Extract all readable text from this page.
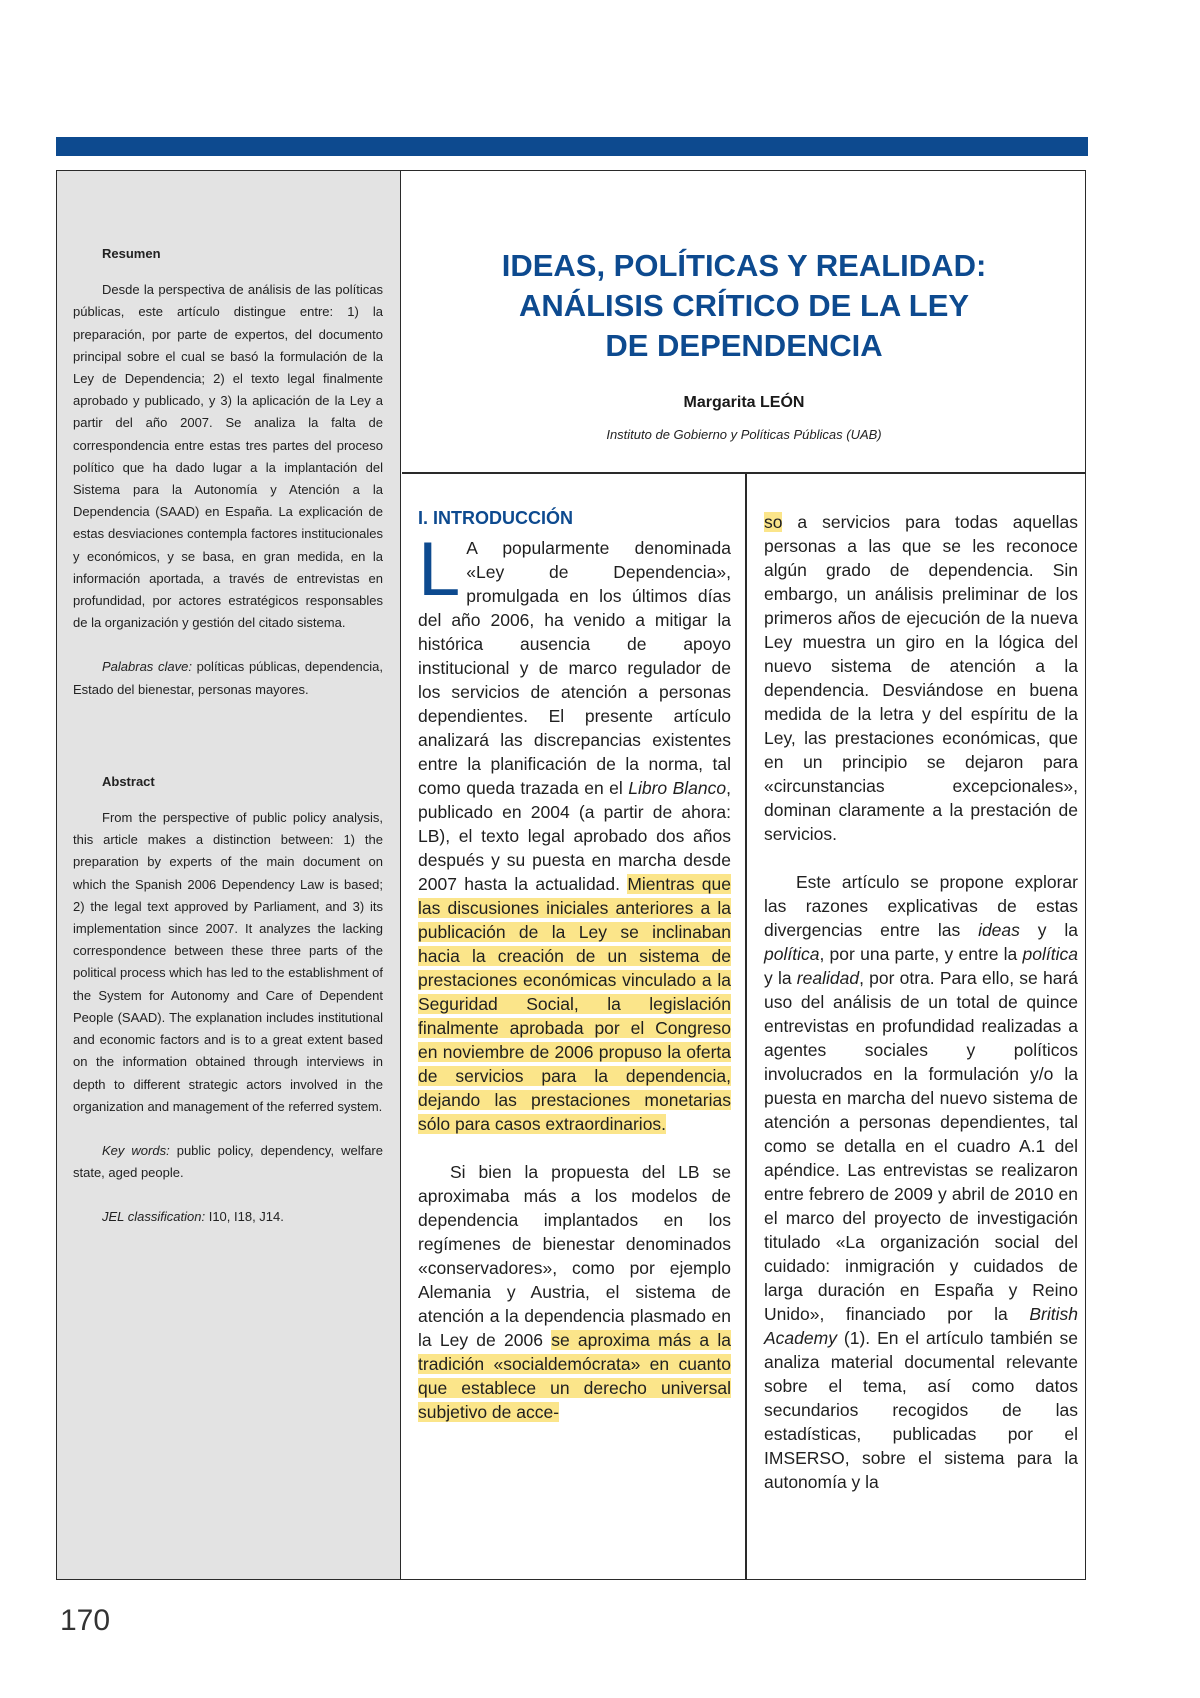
Resumen

Desde la perspectiva de análisis de las políticas públicas, este artículo distingue entre: 1) la preparación, por parte de expertos, del documento principal sobre el cual se basó la formulación de la Ley de Dependencia; 2) el texto legal finalmente aprobado y publicado, y 3) la aplicación de la Ley a partir del año 2007. Se analiza la falta de correspondencia entre estas tres partes del proceso político que ha dado lugar a la implantación del Sistema para la Autonomía y Atención a la Dependencia (SAAD) en España. La explicación de estas desviaciones contempla factores institucionales y económicos, y se basa, en gran medida, en la información aportada, a través de entrevistas en profundidad, por actores estratégicos responsables de la organización y gestión del citado sistema.

Palabras clave: políticas públicas, dependencia, Estado del bienestar, personas mayores.

Abstract

From the perspective of public policy analysis, this article makes a distinction between: 1) the preparation by experts of the main document on which the Spanish 2006 Dependency Law is based; 2) the legal text approved by Parliament, and 3) its implementation since 2007. It analyzes the lacking correspondence between these three parts of the political process which has led to the establishment of the System for Autonomy and Care of Dependent People (SAAD). The explanation includes institutional and economic factors and is to a great extent based on the information obtained through interviews in depth to different strategic actors involved in the organization and management of the referred system.

Key words: public policy, dependency, welfare state, aged people.

JEL classification: I10, I18, J14.

IDEAS, POLÍTICAS Y REALIDAD:
ANÁLISIS CRÍTICO DE LA LEY
DE DEPENDENCIA
Margarita LEÓN
Instituto de Gobierno y Políticas Públicas (UAB)
I. INTRODUCCIÓN

L A popularmente denominada «Ley de Dependencia», promulgada en los últimos días del año 2006, ha venido a mitigar la histórica ausencia de apoyo institucional y de marco regulador de los servicios de atención a personas dependientes. El presente artículo analizará las discrepancias existentes entre la planificación de la norma, tal como queda trazada en el Libro Blanco, publicado en 2004 (a partir de ahora: LB), el texto legal aprobado dos años después y su puesta en marcha desde 2007 hasta la actualidad. Mientras que las discusiones iniciales anteriores a la publicación de la Ley se inclinaban hacia la creación de un sistema de prestaciones económicas vinculado a la Seguridad Social, la legislación finalmente aprobada por el Congreso en noviembre de 2006 propuso la oferta de servicios para la dependencia, dejando las prestaciones monetarias sólo para casos extraordinarios.

Si bien la propuesta del LB se aproximaba más a los modelos de dependencia implantados en los regímenes de bienestar denominados «conservadores», como por ejemplo Alemania y Austria, el sistema de atención a la dependencia plasmado en la Ley de 2006 se aproxima más a la tradición «socialdemócrata» en cuanto que establece un derecho universal subjetivo de acce-

so a servicios para todas aquellas personas a las que se les reconoce algún grado de dependencia. Sin embargo, un análisis preliminar de los primeros años de ejecución de la nueva Ley muestra un giro en la lógica del nuevo sistema de atención a la dependencia. Desviándose en buena medida de la letra y del espíritu de la Ley, las prestaciones económicas, que en un principio se dejaron para «circunstancias excepcionales», dominan claramente a la prestación de servicios.

Este artículo se propone explorar las razones explicativas de estas divergencias entre las ideas y la política, por una parte, y entre la política y la realidad, por otra. Para ello, se hará uso del análisis de un total de quince entrevistas en profundidad realizadas a agentes sociales y políticos involucrados en la formulación y/o la puesta en marcha del nuevo sistema de atención a personas dependientes, tal como se detalla en el cuadro A.1 del apéndice. Las entrevistas se realizaron entre febrero de 2009 y abril de 2010 en el marco del proyecto de investigación titulado «La organización social del cuidado: inmigración y cuidados de larga duración en España y Reino Unido», financiado por la British Academy (1). En el artículo también se analiza material documental relevante sobre el tema, así como datos secundarios recogidos de las estadísticas, publicadas por el IMSERSO, sobre el sistema para la autonomía y la

170
